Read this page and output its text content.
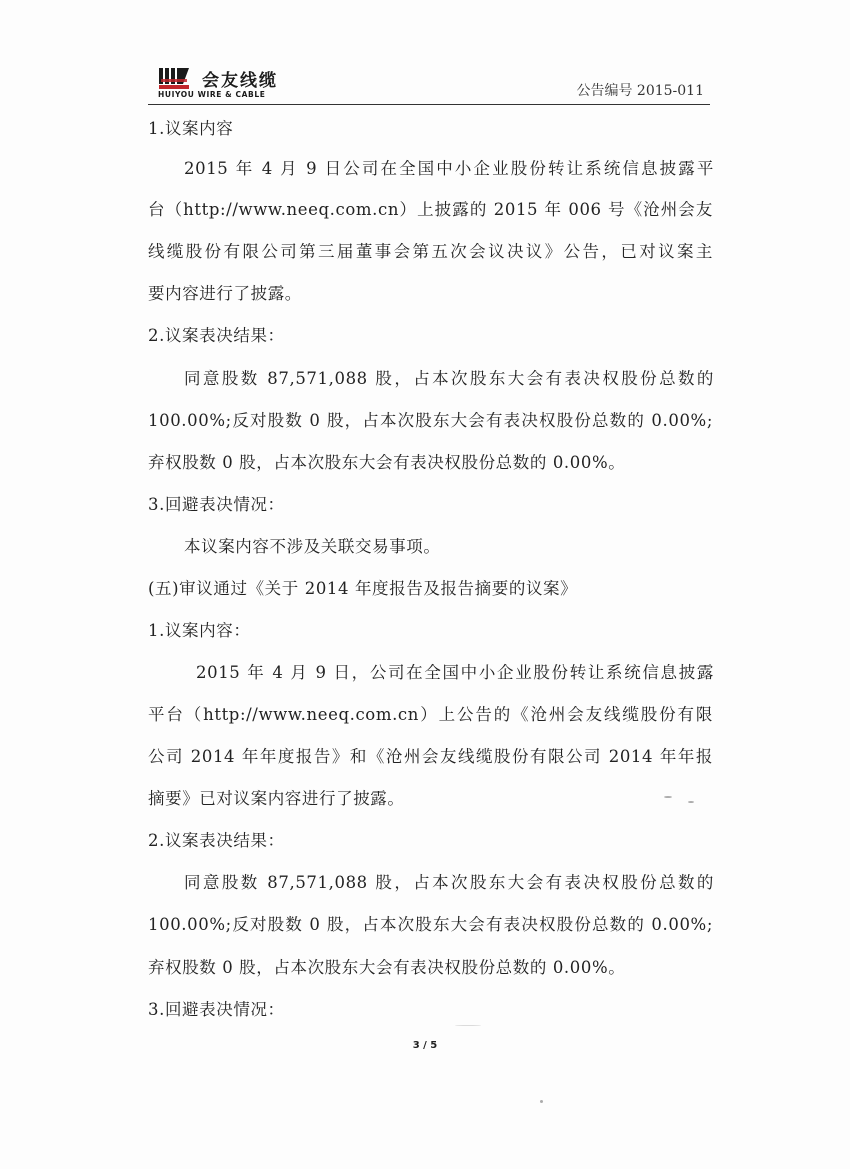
会友线缆
HUIYOU WIRE & CABLE	公告编号 2015-011
1.议案内容
2015 年 4 月 9 日公司在全国中小企业股份转让系统信息披露平
台（http://www.neeq.com.cn）上披露的 2015 年 006 号《沧州会友
线缆股份有限公司第三届董事会第五次会议决议》公告，已对议案主
要内容进行了披露。
2.议案表决结果：
同意股数 87,571,088 股，占本次股东大会有表决权股份总数的
100.00%;反对股数 0 股，占本次股东大会有表决权股份总数的 0.00%;
弃权股数 0 股，占本次股东大会有表决权股份总数的 0.00%。
3.回避表决情况：
本议案内容不涉及关联交易事项。
(五)审议通过《关于 2014 年度报告及报告摘要的议案》
1.议案内容：
2015 年 4 月 9 日，公司在全国中小企业股份转让系统信息披露
平台（http://www.neeq.com.cn）上公告的《沧州会友线缆股份有限
公司 2014 年年度报告》和《沧州会友线缆股份有限公司 2014 年年报
摘要》已对议案内容进行了披露。
2.议案表决结果：
同意股数 87,571,088 股，占本次股东大会有表决权股份总数的
100.00%;反对股数 0 股，占本次股东大会有表决权股份总数的 0.00%;
弃权股数 0 股，占本次股东大会有表决权股份总数的 0.00%。
3.回避表决情况：
3 / 5
